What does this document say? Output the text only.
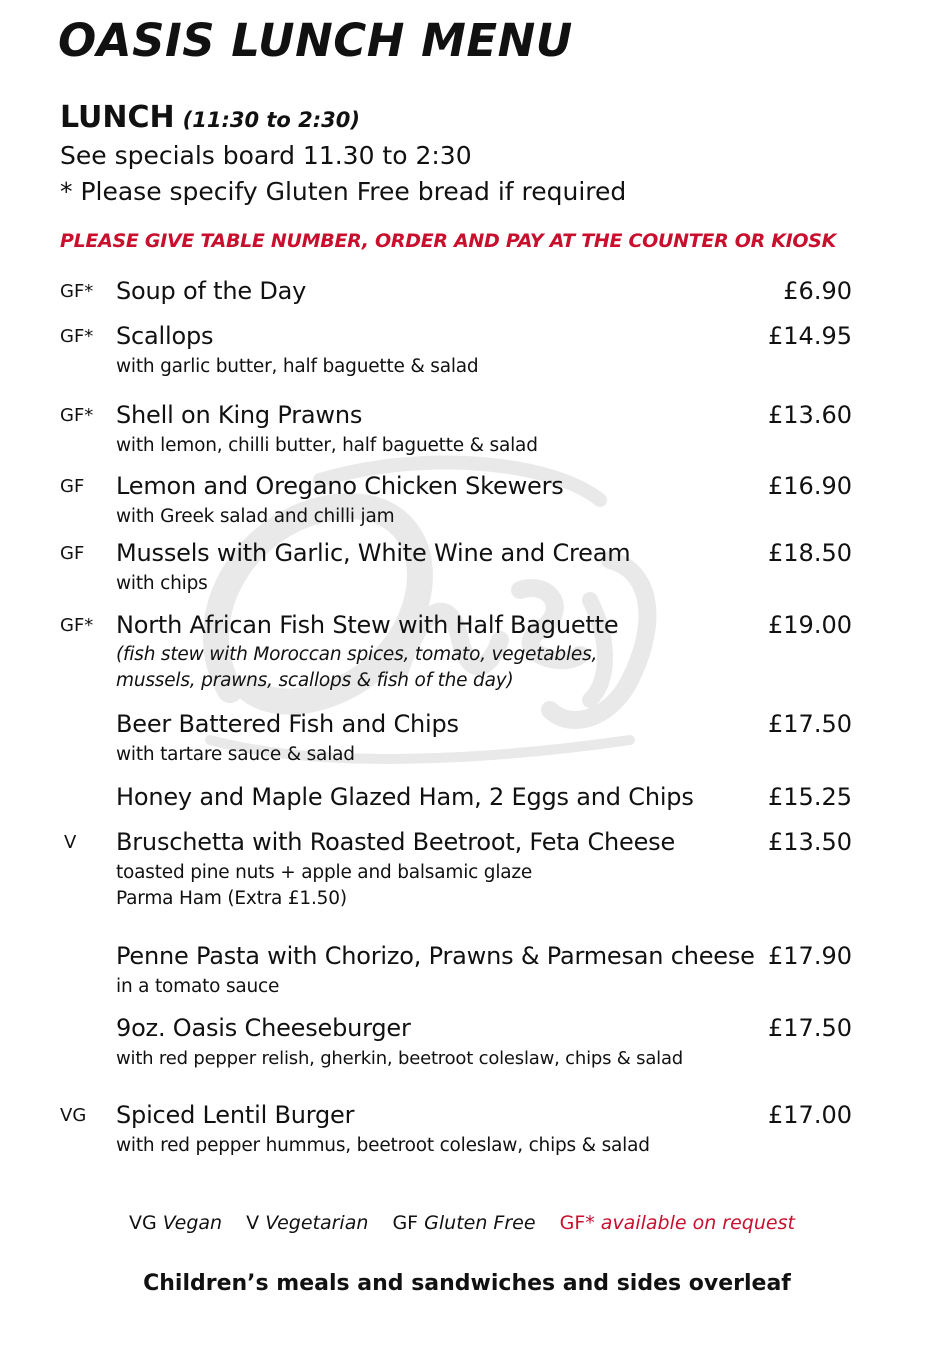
OASIS LUNCH MENU
LUNCH (11:30 to 2:30)
See specials board 11.30 to 2:30
* Please specify Gluten Free bread if required
PLEASE GIVE TABLE NUMBER, ORDER AND PAY AT THE COUNTER OR KIOSK
GF* Soup of the Day	£6.90
GF* Scallops	£14.95
with garlic butter, half baguette & salad
GF* Shell on King Prawns	£13.60
with lemon, chilli butter, half baguette & salad
GF Lemon and Oregano Chicken Skewers	£16.90
with Greek salad and chilli jam
GF Mussels with Garlic, White Wine and Cream	£18.50
with chips
GF* North African Fish Stew with Half Baguette	£19.00
(fish stew with Moroccan spices, tomato, vegetables,
mussels, prawns, scallops & fish of the day)
Beer Battered Fish and Chips	£17.50
with tartare sauce & salad
Honey and Maple Glazed Ham, 2 Eggs and Chips	£15.25
V Bruschetta with Roasted Beetroot, Feta Cheese	£13.50
toasted pine nuts + apple and balsamic glaze
Parma Ham (Extra £1.50)
Penne Pasta with Chorizo, Prawns & Parmesan cheese £17.90
in a tomato sauce
9oz. Oasis Cheeseburger	£17.50
with red pepper relish, gherkin, beetroot coleslaw, chips & salad
VG Spiced Lentil Burger	£17.00
with red pepper hummus, beetroot coleslaw, chips & salad
VG Vegan V Vegetarian GF Gluten Free GF* available on request
Children’s meals and sandwiches and sides overleaf
